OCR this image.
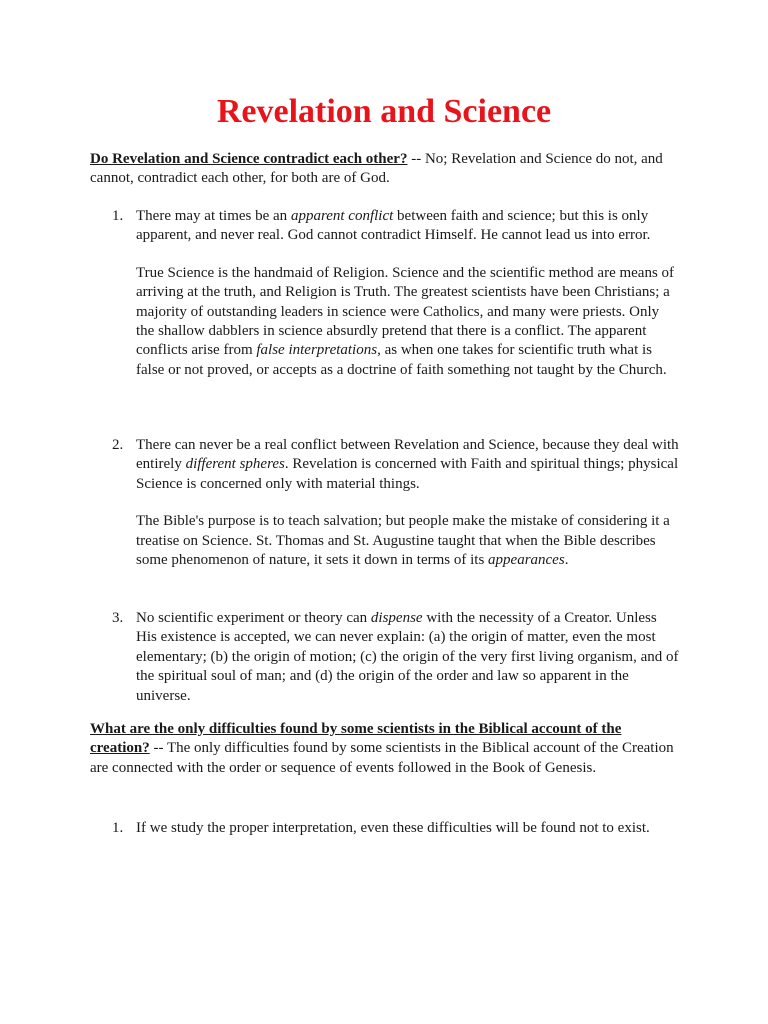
Revelation and Science
Do Revelation and Science contradict each other? -- No; Revelation and Science do not, and cannot, contradict each other, for both are of God.
1. There may at times be an apparent conflict between faith and science; but this is only apparent, and never real. God cannot contradict Himself. He cannot lead us into error.

True Science is the handmaid of Religion. Science and the scientific method are means of arriving at the truth, and Religion is Truth. The greatest scientists have been Christians; a majority of outstanding leaders in science were Catholics, and many were priests. Only the shallow dabblers in science absurdly pretend that there is a conflict. The apparent conflicts arise from false interpretations, as when one takes for scientific truth what is false or not proved, or accepts as a doctrine of faith something not taught by the Church.

2. There can never be a real conflict between Revelation and Science, because they deal with entirely different spheres. Revelation is concerned with Faith and spiritual things; physical Science is concerned only with material things.

The Bible's purpose is to teach salvation; but people make the mistake of considering it a treatise on Science. St. Thomas and St. Augustine taught that when the Bible describes some phenomenon of nature, it sets it down in terms of its appearances.

3. No scientific experiment or theory can dispense with the necessity of a Creator. Unless His existence is accepted, we can never explain: (a) the origin of matter, even the most elementary; (b) the origin of motion; (c) the origin of the very first living organism, and of the spiritual soul of man; and (d) the origin of the order and law so apparent in the universe.

What are the only difficulties found by some scientists in the Biblical account of the creation? -- The only difficulties found by some scientists in the Biblical account of the Creation are connected with the order or sequence of events followed in the Book of Genesis.
1. If we study the proper interpretation, even these difficulties will be found not to exist.
